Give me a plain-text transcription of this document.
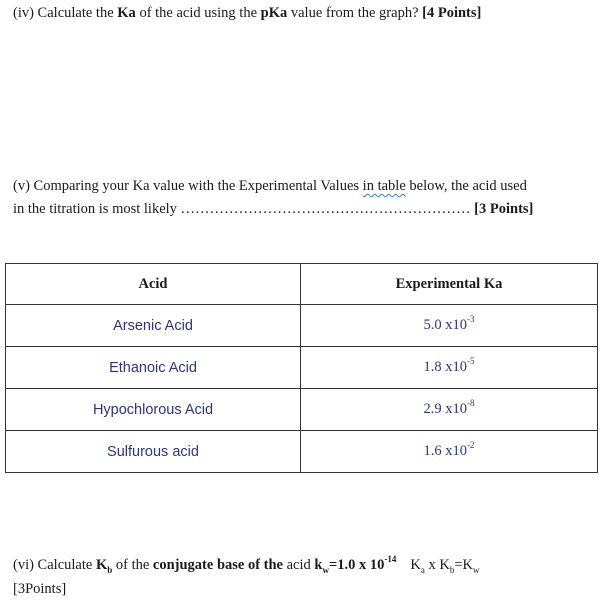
(iv) Calculate the Ka of the acid using the pKa value from the graph? [4 Points]
(v) Comparing your Ka value with the Experimental Values in table below, the acid used
in the titration is most likely …………………………………………………… [3 Points]
Acid	Experimental Ka
Arsenic Acid	5.0 $x10^{-3}$
Ethanoic Acid	1.8 $x10^{-5}$
Hypochlorous Acid	2.9 $x10^{-8}$
Sulfurous acid	1.6 $x10^{-2}$
(vi) Calculate $K_b$ of the conjugate base of the acid $k_w=1.0$ x $10^{-14}$ $K_a$ x $K_b=K_w$
[3Points]
